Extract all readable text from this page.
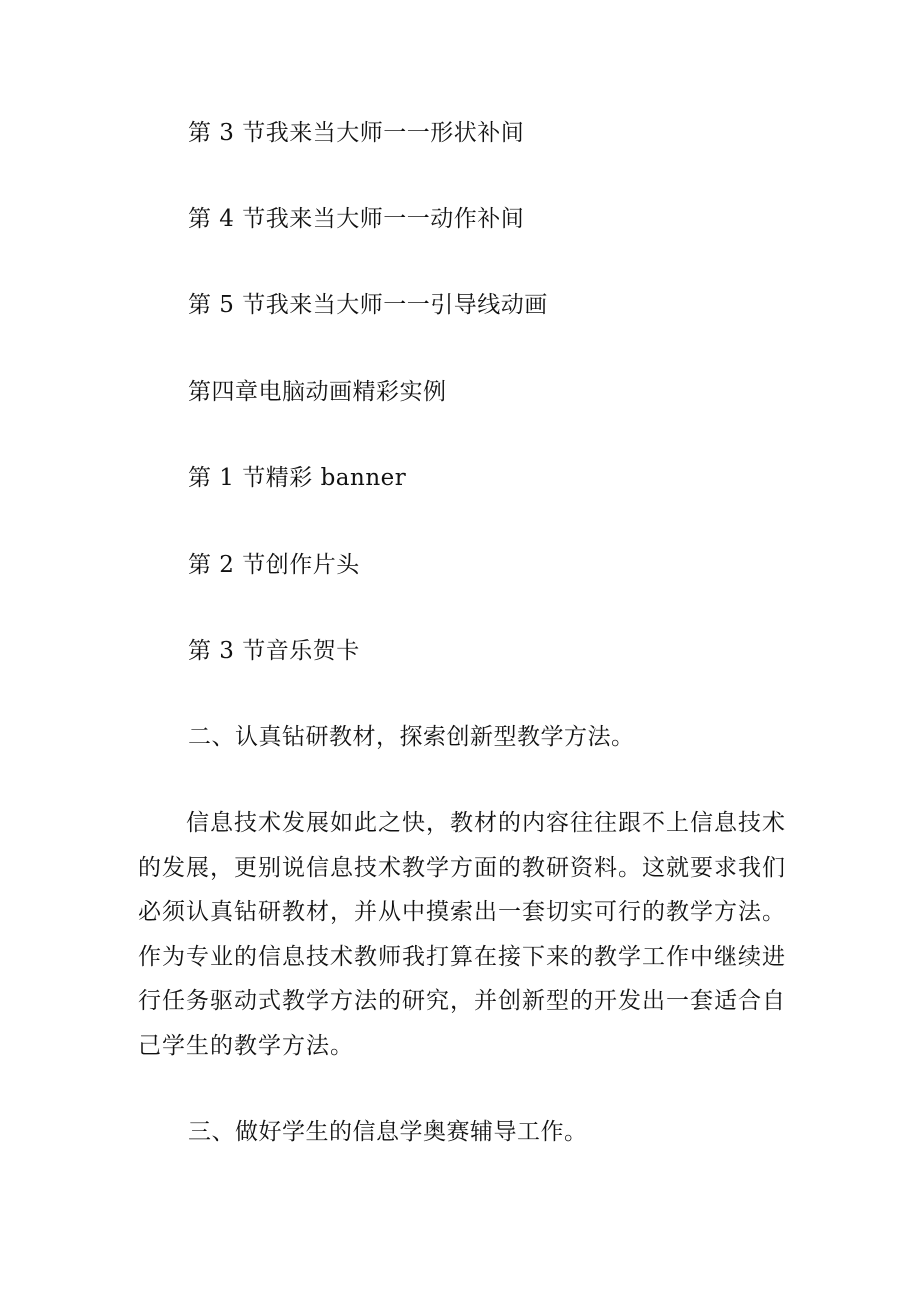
第 3 节我来当大师一一形状补间
第 4 节我来当大师一一动作补间
第 5 节我来当大师一一引导线动画
第四章电脑动画精彩实例
第 1 节精彩 banner
第 2 节创作片头
第 3 节音乐贺卡
二、认真钻研教材，探索创新型教学方法。
信息技术发展如此之快，教材的内容往往跟不上信息技术的发展，更别说信息技术教学方面的教研资料。这就要求我们必须认真钻研教材，并从中摸索出一套切实可行的教学方法。作为专业的信息技术教师我打算在接下来的教学工作中继续进行任务驱动式教学方法的研究，并创新型的开发出一套适合自己学生的教学方法。
三、做好学生的信息学奥赛辅导工作。
